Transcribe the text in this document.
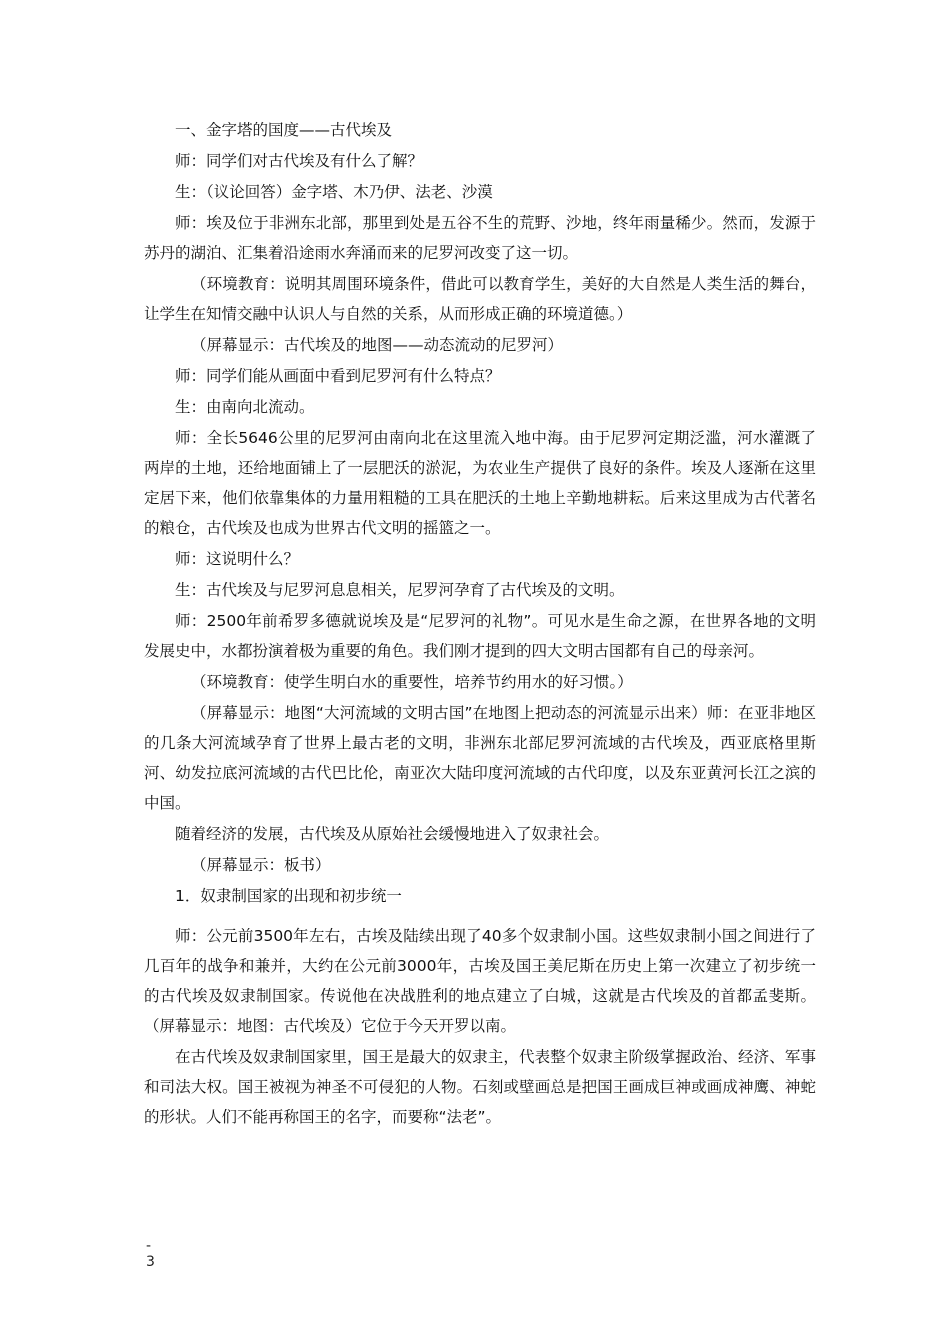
一、金字塔的国度——古代埃及

师：同学们对古代埃及有什么了解？

生：（议论回答）金字塔、木乃伊、法老、沙漠

师：埃及位于非洲东北部，那里到处是五谷不生的荒野、沙地，终年雨量稀少。然而，发源于苏丹的湖泊、汇集着沿途雨水奔涌而来的尼罗河改变了这一切。

（环境教育：说明其周围环境条件，借此可以教育学生，美好的大自然是人类生活的舞台，让学生在知情交融中认识人与自然的关系，从而形成正确的环境道德。）

（屏幕显示：古代埃及的地图——动态流动的尼罗河）

师：同学们能从画面中看到尼罗河有什么特点？

生：由南向北流动。

师：全长5646公里的尼罗河由南向北在这里流入地中海。由于尼罗河定期泛滥，河水灌溉了两岸的土地，还给地面铺上了一层肥沃的淤泥，为农业生产提供了良好的条件。埃及人逐渐在这里定居下来，他们依靠集体的力量用粗糙的工具在肥沃的土地上辛勤地耕耘。后来这里成为古代著名的粮仓，古代埃及也成为世界古代文明的摇篮之一。

师：这说明什么？

生：古代埃及与尼罗河息息相关，尼罗河孕育了古代埃及的文明。

师：2500年前希罗多德就说埃及是“尼罗河的礼物”。可见水是生命之源，在世界各地的文明发展史中，水都扮演着极为重要的角色。我们刚才提到的四大文明古国都有自己的母亲河。

（环境教育：使学生明白水的重要性，培养节约用水的好习惯。）

（屏幕显示：地图“大河流域的文明古国”在地图上把动态的河流显示出来）师：在亚非地区的几条大河流域孕育了世界上最古老的文明，非洲东北部尼罗河流域的古代埃及，西亚底格里斯河、幼发拉底河流域的古代巴比伦，南亚次大陆印度河流域的古代印度，以及东亚黄河长江之滨的中国。

随着经济的发展，古代埃及从原始社会缓慢地进入了奴隶社会。

（屏幕显示：板书）

1．奴隶制国家的出现和初步统一

师：公元前3500年左右，古埃及陆续出现了40多个奴隶制小国。这些奴隶制小国之间进行了几百年的战争和兼并，大约在公元前3000年，古埃及国王美尼斯在历史上第一次建立了初步统一的古代埃及奴隶制国家。传说他在决战胜利的地点建立了白城，这就是古代埃及的首都孟斐斯。（屏幕显示：地图：古代埃及）它位于今天开罗以南。

在古代埃及奴隶制国家里，国王是最大的奴隶主，代表整个奴隶主阶级掌握政治、经济、军事和司法大权。国王被视为神圣不可侵犯的人物。石刻或壁画总是把国王画成巨神或画成神鹰、神蛇的形状。人们不能再称国王的名字，而要称“法老”。

-
3
